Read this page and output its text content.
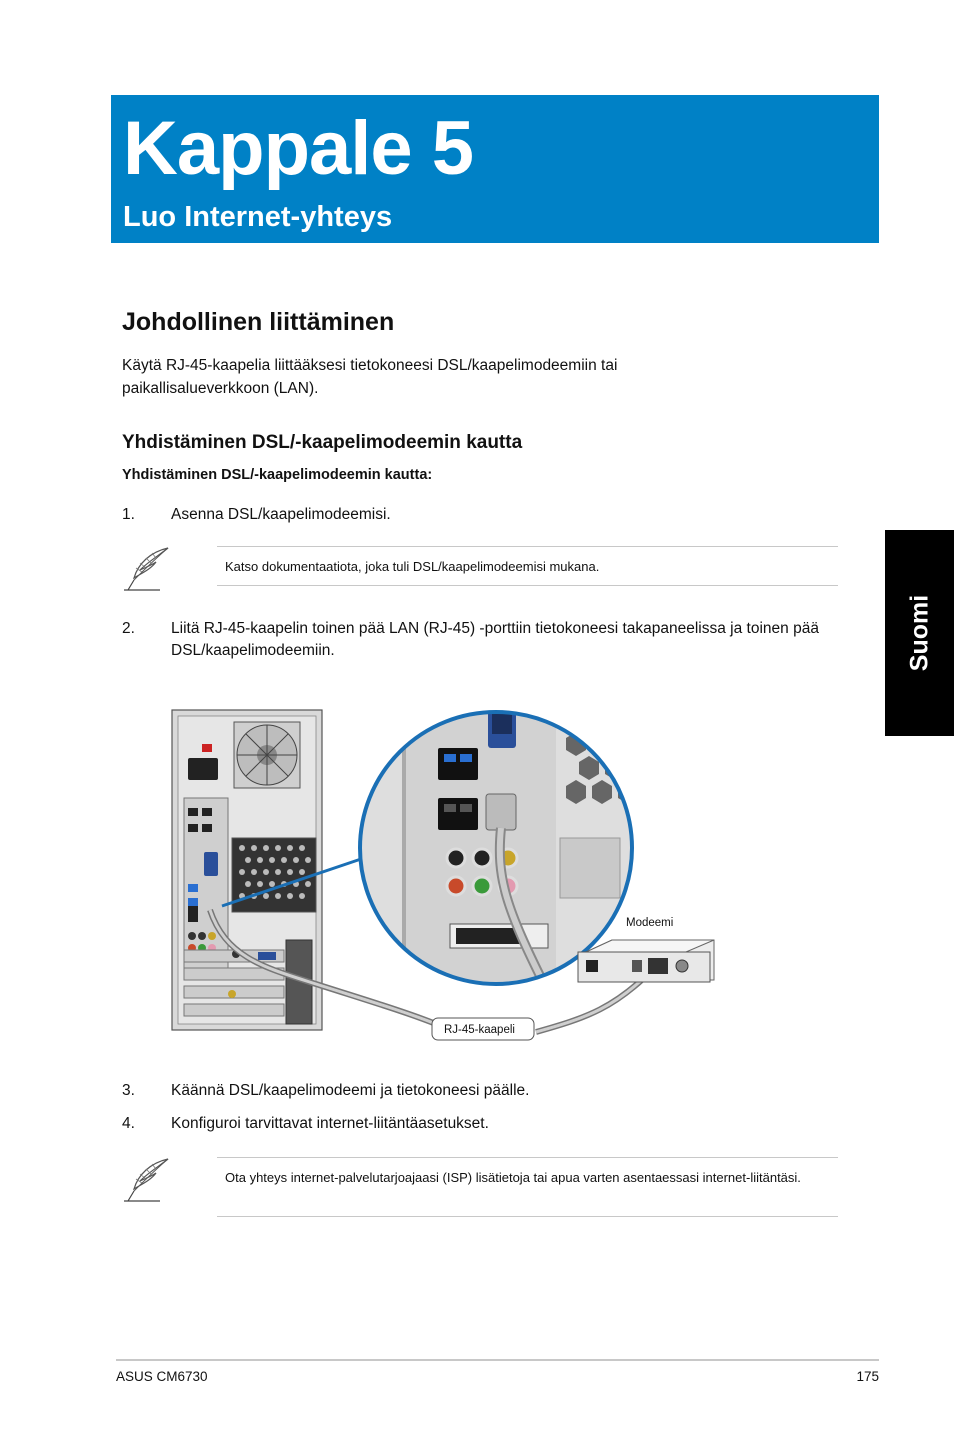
Kappale 5
Luo Internet-yhteys
Johdollinen liittäminen
Käytä RJ-45-kaapelia liittääksesi tietokoneesi DSL/kaapelimodeemiin tai paikallisalueverkkoon (LAN).
Yhdistäminen DSL/-kaapelimodeemin kautta
Yhdistäminen DSL/-kaapelimodeemin kautta:
1. Asenna DSL/kaapelimodeemisi.
Katso dokumentaatiota, joka tuli DSL/kaapelimodeemisi mukana.
2. Liitä RJ-45-kaapelin toinen pää LAN (RJ-45) -porttiin tietokoneesi takapaneelissa ja toinen pää DSL/kaapelimodeemiin.
Modeemi
RJ-45-kaapeli
3. Käännä DSL/kaapelimodeemi ja tietokoneesi päälle.
4. Konfiguroi tarvittavat internet-liitäntäasetukset.
Ota yhteys internet-palvelutarjoajaasi (ISP) lisätietoja tai apua varten asentaessasi internet-liitäntäsi.
Suomi
ASUS CM6730	175
